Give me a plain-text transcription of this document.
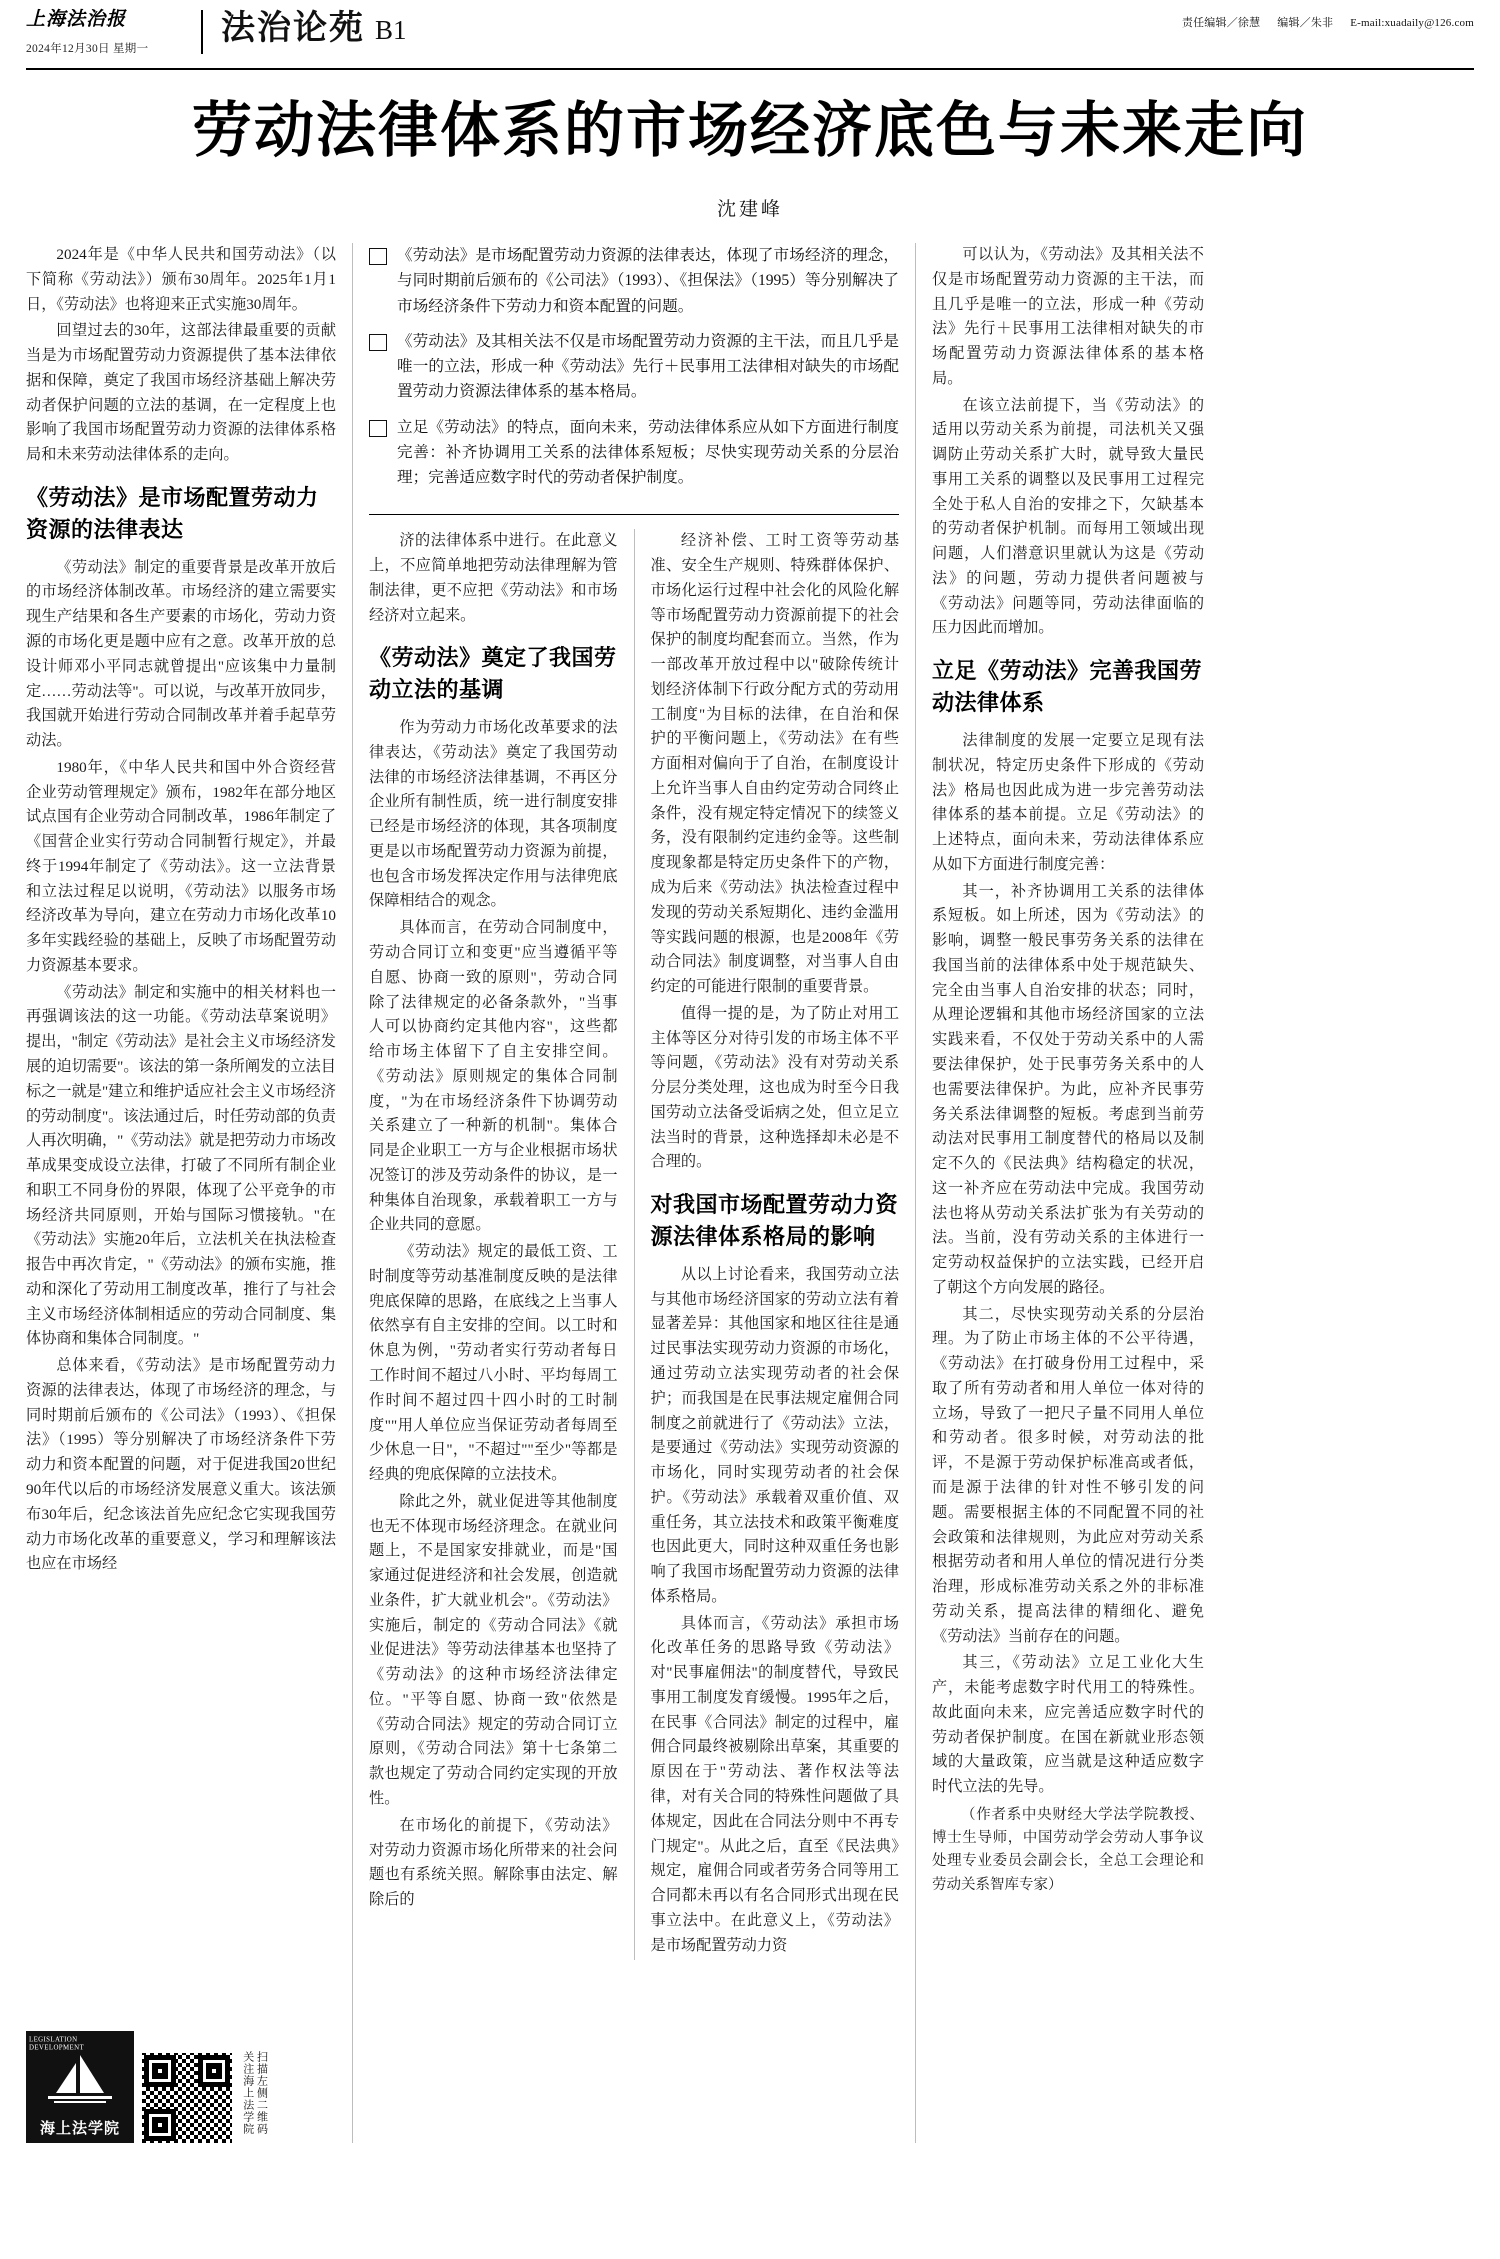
上海法治报
2024年12月30日 星期一
法治论苑 B1	责任编辑／徐慧 编辑／朱非 E-mail:xuadaily@126.com
劳动法律体系的市场经济底色与未来走向
沈建峰

2024年是《中华人民共和国劳动法》（以下简称《劳动法》）颁布30周年。2025年1月1日，《劳动法》也将迎来正式实施30周年。

回望过去的30年，这部法律最重要的贡献当是为市场配置劳动力资源提供了基本法律依据和保障，奠定了我国市场经济基础上解决劳动者保护问题的立法的基调，在一定程度上也影响了我国市场配置劳动力资源的法律体系格局和未来劳动法律体系的走向。

《劳动法》是市场配置劳动力资源的法律表达

《劳动法》制定的重要背景是改革开放后的市场经济体制改革。市场经济的建立需要实现生产结果和各生产要素的市场化，劳动力资源的市场化更是题中应有之意。改革开放的总设计师邓小平同志就曾提出"应该集中力量制定……劳动法等"。可以说，与改革开放同步，我国就开始进行劳动合同制改革并着手起草劳动法。

1980年，《中华人民共和国中外合资经营企业劳动管理规定》颁布，1982年在部分地区试点国有企业劳动合同制改革，1986年制定了《国营企业实行劳动合同制暂行规定》，并最终于1994年制定了《劳动法》。这一立法背景和立法过程足以说明，《劳动法》以服务市场经济改革为导向，建立在劳动力市场化改革10多年实践经验的基础上，反映了市场配置劳动力资源基本要求。

《劳动法》制定和实施中的相关材料也一再强调该法的这一功能。《劳动法草案说明》提出，"制定《劳动法》是社会主义市场经济发展的迫切需要"。该法的第一条所阐发的立法目标之一就是"建立和维护适应社会主义市场经济的劳动制度"。该法通过后，时任劳动部的负责人再次明确，"《劳动法》就是把劳动力市场改革成果变成设立法律，打破了不同所有制企业和职工不同身份的界限，体现了公平竞争的市场经济共同原则，开始与国际习惯接轨。"在《劳动法》实施20年后，立法机关在执法检查报告中再次肯定，"《劳动法》的颁布实施，推动和深化了劳动用工制度改革，推行了与社会主义市场经济体制相适应的劳动合同制度、集体协商和集体合同制度。"

总体来看，《劳动法》是市场配置劳动力资源的法律表达，体现了市场经济的理念，与同时期前后颁布的《公司法》（1993）、《担保法》（1995）等分别解决了市场经济条件下劳动力和资本配置的问题，对于促进我国20世纪90年代以后的市场经济发展意义重大。该法颁布30年后，纪念该法首先应纪念它实现我国劳动力市场化改革的重要意义，学习和理解该法也应在市场经

LEGISLATION DEVELOPMENT
海上法学院	扫描左侧二维码 关注海上法学院
《劳动法》是市场配置劳动力资源的法律表达，体现了市场经济的理念，与同时期前后颁布的《公司法》（1993）、《担保法》（1995）等分别解决了市场经济条件下劳动力和资本配置的问题。
《劳动法》及其相关法不仅是市场配置劳动力资源的主干法，而且几乎是唯一的立法，形成一种《劳动法》先行＋民事用工法律相对缺失的市场配置劳动力资源法律体系的基本格局。
立足《劳动法》的特点，面向未来，劳动法律体系应从如下方面进行制度完善：补齐协调用工关系的法律体系短板；尽快实现劳动关系的分层治理；完善适应数字时代的劳动者保护制度。

济的法律体系中进行。在此意义上，不应简单地把劳动法律理解为管制法律，更不应把《劳动法》和市场经济对立起来。

《劳动法》奠定了我国劳动立法的基调

作为劳动力市场化改革要求的法律表达，《劳动法》奠定了我国劳动法律的市场经济法律基调，不再区分企业所有制性质，统一进行制度安排已经是市场经济的体现，其各项制度更是以市场配置劳动力资源为前提，也包含市场发挥决定作用与法律兜底保障相结合的观念。

具体而言，在劳动合同制度中，劳动合同订立和变更"应当遵循平等自愿、协商一致的原则"，劳动合同除了法律规定的必备条款外，"当事人可以协商约定其他内容"，这些都给市场主体留下了自主安排空间。《劳动法》原则规定的集体合同制度，"为在市场经济条件下协调劳动关系建立了一种新的机制"。集体合同是企业职工一方与企业根据市场状况签订的涉及劳动条件的协议，是一种集体自治现象，承载着职工一方与企业共同的意愿。

《劳动法》规定的最低工资、工时制度等劳动基准制度反映的是法律兜底保障的思路，在底线之上当事人依然享有自主安排的空间。以工时和休息为例，"劳动者实行劳动者每日工作时间不超过八小时、平均每周工作时间不超过四十四小时的工时制度""用人单位应当保证劳动者每周至少休息一日"，"不超过""至少"等都是经典的兜底保障的立法技术。

除此之外，就业促进等其他制度也无不体现市场经济理念。在就业问题上，不是国家安排就业，而是"国家通过促进经济和社会发展，创造就业条件，扩大就业机会"。《劳动法》实施后，制定的《劳动合同法》《就业促进法》等劳动法律基本也坚持了《劳动法》的这种市场经济法律定位。"平等自愿、协商一致"依然是《劳动合同法》规定的劳动合同订立原则，《劳动合同法》第十七条第二款也规定了劳动合同约定实现的开放性。

在市场化的前提下，《劳动法》对劳动力资源市场化所带来的社会问题也有系统关照。解除事由法定、解除后的

经济补偿、工时工资等劳动基准、安全生产规则、特殊群体保护、市场化运行过程中社会化的风险化解等市场配置劳动力资源前提下的社会保护的制度均配套而立。当然，作为一部改革开放过程中以"破除传统计划经济体制下行政分配方式的劳动用工制度"为目标的法律，在自治和保护的平衡问题上，《劳动法》在有些方面相对偏向于了自治，在制度设计上允许当事人自由约定劳动合同终止条件，没有规定特定情况下的续签义务，没有限制约定违约金等。这些制度现象都是特定历史条件下的产物，成为后来《劳动法》执法检查过程中发现的劳动关系短期化、违约金滥用等实践问题的根源，也是2008年《劳动合同法》制度调整，对当事人自由约定的可能进行限制的重要背景。

值得一提的是，为了防止对用工主体等区分对待引发的市场主体不平等问题，《劳动法》没有对劳动关系分层分类处理，这也成为时至今日我国劳动立法备受诟病之处，但立足立法当时的背景，这种选择却未必是不合理的。

对我国市场配置劳动力资源法律体系格局的影响

从以上讨论看来，我国劳动立法与其他市场经济国家的劳动立法有着显著差异：其他国家和地区往往是通过民事法实现劳动力资源的市场化，通过劳动立法实现劳动者的社会保护；而我国是在民事法规定雇佣合同制度之前就进行了《劳动法》立法，是要通过《劳动法》实现劳动资源的市场化，同时实现劳动者的社会保护。《劳动法》承载着双重价值、双重任务，其立法技术和政策平衡难度也因此更大，同时这种双重任务也影响了我国市场配置劳动力资源的法律体系格局。

具体而言，《劳动法》承担市场化改革任务的思路导致《劳动法》对"民事雇佣法"的制度替代，导致民事用工制度发育缓慢。1995年之后，在民事《合同法》制定的过程中，雇佣合同最终被剔除出草案，其重要的原因在于"劳动法、著作权法等法律，对有关合同的特殊性问题做了具体规定，因此在合同法分则中不再专门规定"。从此之后，直至《民法典》规定，雇佣合同或者劳务合同等用工合同都未再以有名合同形式出现在民事立法中。在此意义上，《劳动法》是市场配置劳动力资

可以认为，《劳动法》及其相关法不仅是市场配置劳动力资源的主干法，而且几乎是唯一的立法，形成一种《劳动法》先行＋民事用工法律相对缺失的市场配置劳动力资源法律体系的基本格局。

在该立法前提下，当《劳动法》的适用以劳动关系为前提，司法机关又强调防止劳动关系扩大时，就导致大量民事用工关系的调整以及民事用工过程完全处于私人自治的安排之下，欠缺基本的劳动者保护机制。而每用工领域出现问题，人们潜意识里就认为这是《劳动法》的问题，劳动力提供者问题被与《劳动法》问题等同，劳动法律面临的压力因此而增加。

立足《劳动法》完善我国劳动法律体系

法律制度的发展一定要立足现有法制状况，特定历史条件下形成的《劳动法》格局也因此成为进一步完善劳动法律体系的基本前提。立足《劳动法》的上述特点，面向未来，劳动法律体系应从如下方面进行制度完善：

其一，补齐协调用工关系的法律体系短板。如上所述，因为《劳动法》的影响，调整一般民事劳务关系的法律在我国当前的法律体系中处于规范缺失、完全由当事人自治安排的状态；同时，从理论逻辑和其他市场经济国家的立法实践来看，不仅处于劳动关系中的人需要法律保护，处于民事劳务关系中的人也需要法律保护。为此，应补齐民事劳务关系法律调整的短板。考虑到当前劳动法对民事用工制度替代的格局以及制定不久的《民法典》结构稳定的状况，这一补齐应在劳动法中完成。我国劳动法也将从劳动关系法扩张为有关劳动的法。当前，没有劳动关系的主体进行一定劳动权益保护的立法实践，已经开启了朝这个方向发展的路径。

其二，尽快实现劳动关系的分层治理。为了防止市场主体的不公平待遇，《劳动法》在打破身份用工过程中，采取了所有劳动者和用人单位一体对待的立场，导致了一把尺子量不同用人单位和劳动者。很多时候，对劳动法的批评，不是源于劳动保护标准高或者低，而是源于法律的针对性不够引发的问题。需要根据主体的不同配置不同的社会政策和法律规则，为此应对劳动关系根据劳动者和用人单位的情况进行分类治理，形成标准劳动关系之外的非标准劳动关系，提高法律的精细化、避免《劳动法》当前存在的问题。

其三，《劳动法》立足工业化大生产，未能考虑数字时代用工的特殊性。故此面向未来，应完善适应数字时代的劳动者保护制度。在国在新就业形态领域的大量政策，应当就是这种适应数字时代立法的先导。

（作者系中央财经大学法学院教授、博士生导师，中国劳动学会劳动人事争议处理专业委员会副会长，全总工会理论和劳动关系智库专家）
